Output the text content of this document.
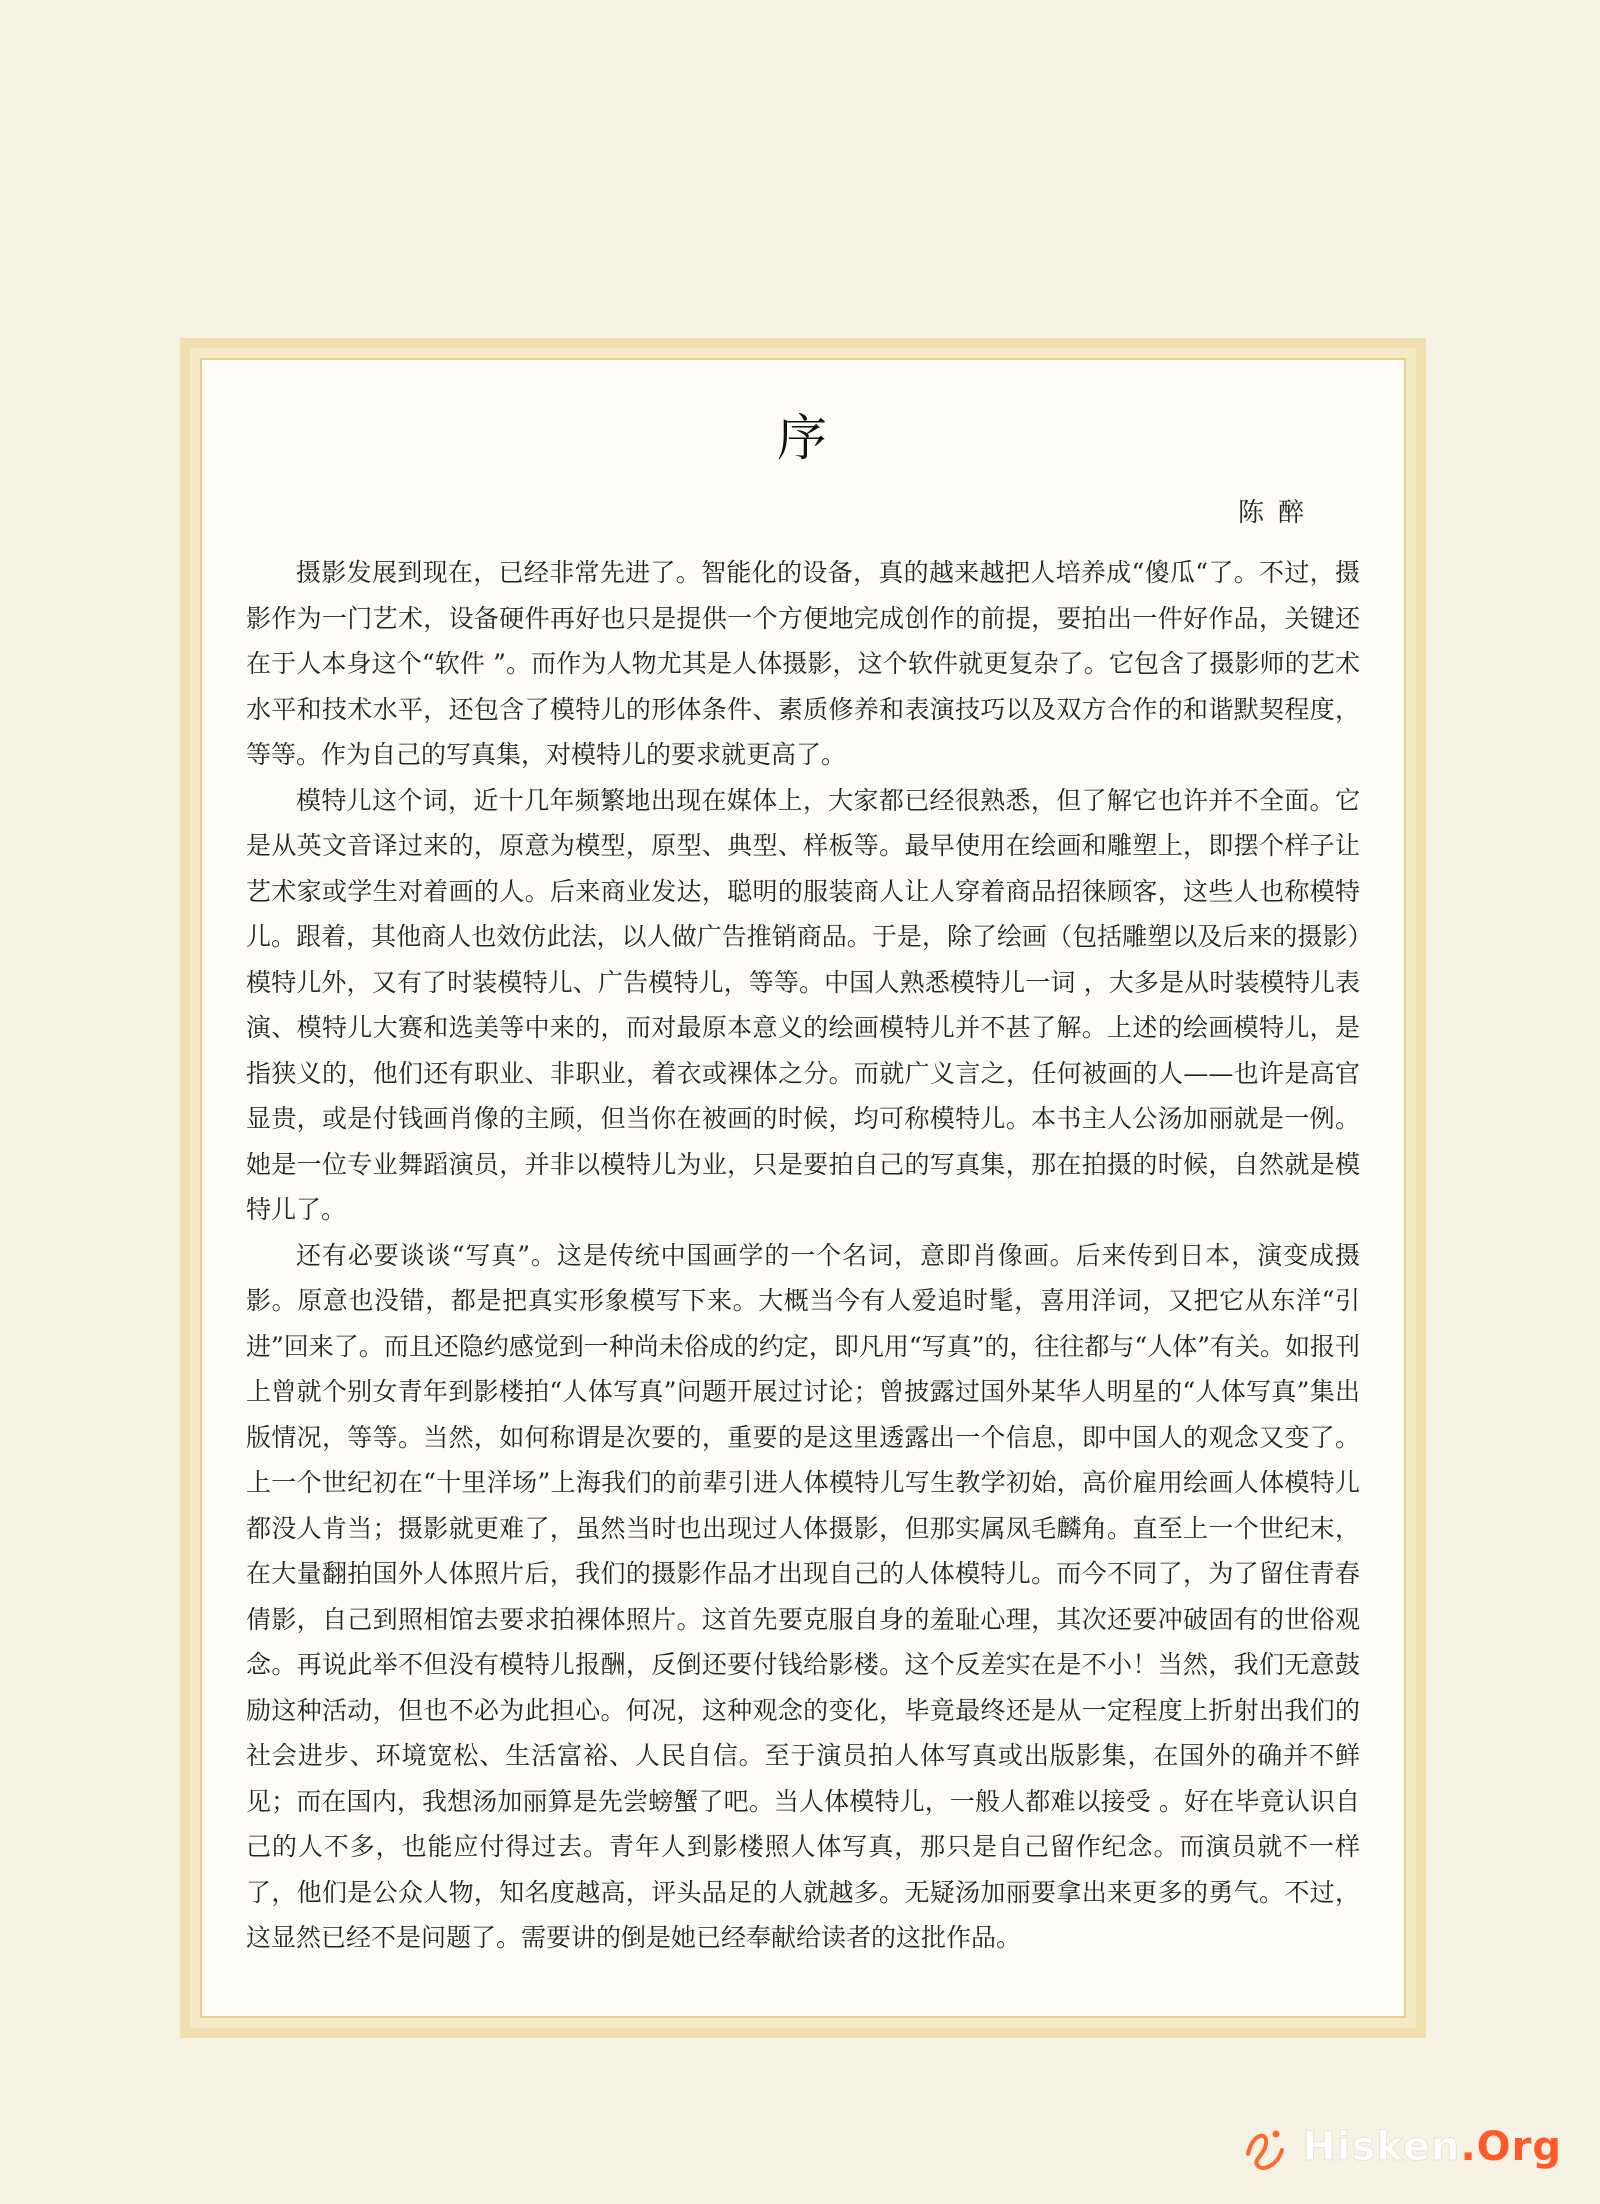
序
陈醉

摄影发展到现在，已经非常先进了。智能化的设备，真的越来越把人培养成“傻瓜“了。不过，摄影作为一门艺术，设备硬件再好也只是提供一个方便地完成创作的前提，要拍出一件好作品，关键还在于人本身这个“软件 ”。而作为人物尤其是人体摄影，这个软件就更复杂了。它包含了摄影师的艺术水平和技术水平，还包含了模特儿的形体条件、素质修养和表演技巧以及双方合作的和谐默契程度，等等。作为自己的写真集，对模特儿的要求就更高了。

模特儿这个词，近十几年频繁地出现在媒体上，大家都已经很熟悉，但了解它也许并不全面。它是从英文音译过来的，原意为模型，原型、典型、样板等。最早使用在绘画和雕塑上，即摆个样子让艺术家或学生对着画的人。后来商业发达，聪明的服装商人让人穿着商品招徕顾客，这些人也称模特儿。跟着，其他商人也效仿此法，以人做广告推销商品。于是，除了绘画（包括雕塑以及后来的摄影）模特儿外，又有了时装模特儿、广告模特儿，等等。中国人熟悉模特儿一词 ，大多是从时装模特儿表演、模特儿大赛和选美等中来的，而对最原本意义的绘画模特儿并不甚了解。上述的绘画模特儿，是指狭义的，他们还有职业、非职业，着衣或裸体之分。而就广义言之，任何被画的人——也许是高官显贵，或是付钱画肖像的主顾，但当你在被画的时候，均可称模特儿。本书主人公汤加丽就是一例。她是一位专业舞蹈演员，并非以模特儿为业，只是要拍自己的写真集，那在拍摄的时候，自然就是模特儿了。

还有必要谈谈“写真”。这是传统中国画学的一个名词，意即肖像画。后来传到日本，演变成摄影。原意也没错，都是把真实形象模写下来。大概当今有人爱追时髦，喜用洋词，又把它从东洋“引进”回来了。而且还隐约感觉到一种尚未俗成的约定，即凡用“写真”的，往往都与“人体”有关。如报刊上曾就个别女青年到影楼拍“人体写真”问题开展过讨论；曾披露过国外某华人明星的“人体写真”集出版情况，等等。当然，如何称谓是次要的，重要的是这里透露出一个信息，即中国人的观念又变了。上一个世纪初在“十里洋场”上海我们的前辈引进人体模特儿写生教学初始，高价雇用绘画人体模特儿都没人肯当；摄影就更难了，虽然当时也出现过人体摄影，但那实属凤毛麟角。直至上一个世纪末，在大量翻拍国外人体照片后，我们的摄影作品才出现自己的人体模特儿。而今不同了，为了留住青春倩影，自己到照相馆去要求拍裸体照片。这首先要克服自身的羞耻心理，其次还要冲破固有的世俗观念。再说此举不但没有模特儿报酬，反倒还要付钱给影楼。这个反差实在是不小！当然，我们无意鼓励这种活动，但也不必为此担心。何况，这种观念的变化，毕竟最终还是从一定程度上折射出我们的社会进步、环境宽松、生活富裕、人民自信。至于演员拍人体写真或出版影集，在国外的确并不鲜见；而在国内，我想汤加丽算是先尝螃蟹了吧。当人体模特儿，一般人都难以接受 。好在毕竟认识自己的人不多，也能应付得过去。青年人到影楼照人体写真，那只是自己留作纪念。而演员就不一样了，他们是公众人物，知名度越高，评头品足的人就越多。无疑汤加丽要拿出来更多的勇气。不过，这显然已经不是问题了。需要讲的倒是她已经奉献给读者的这批作品。

Hisken.Org
